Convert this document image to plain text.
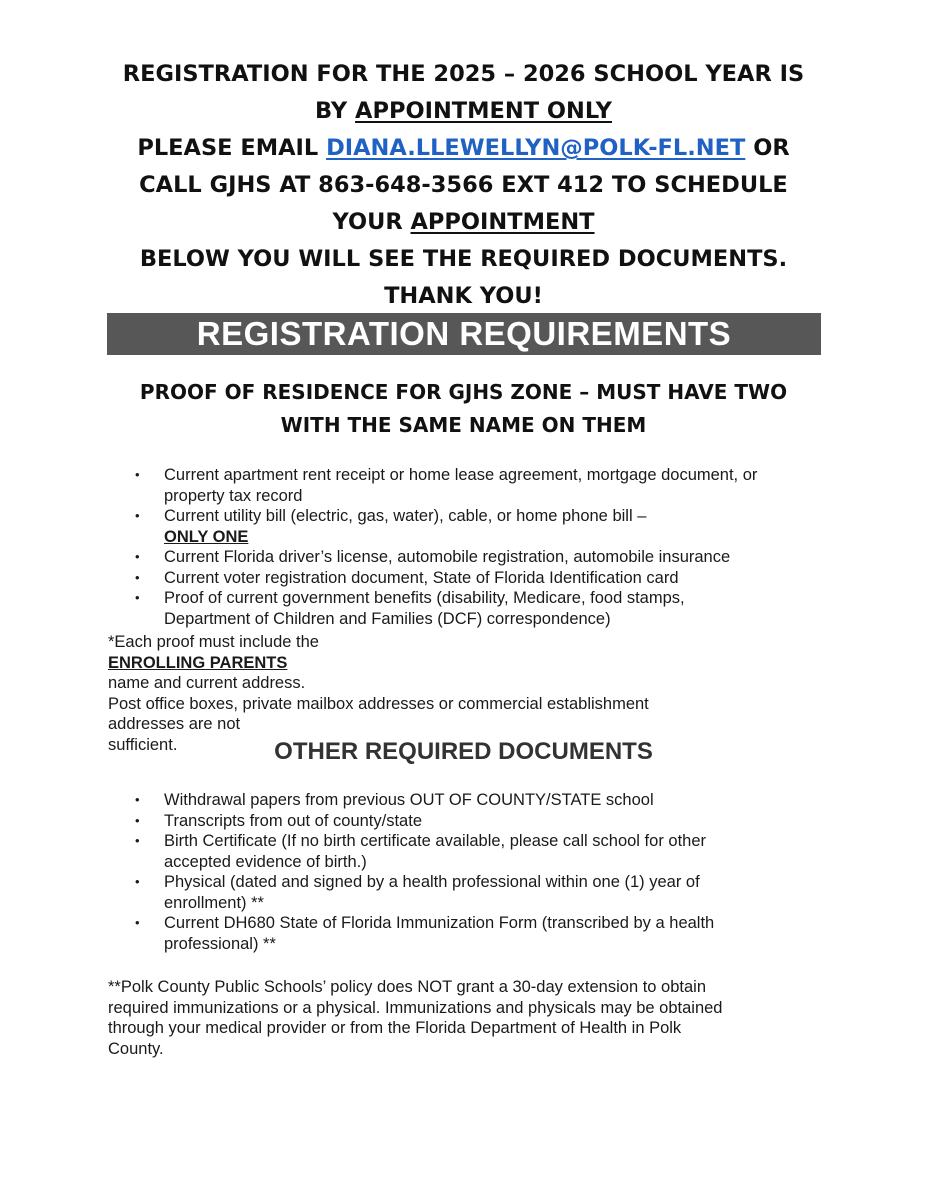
REGISTRATION FOR THE 2025 – 2026 SCHOOL YEAR IS
BY APPOINTMENT ONLY
PLEASE EMAIL DIANA.LLEWELLYN@POLK-FL.NET OR
CALL GJHS AT 863-648-3566 EXT 412 TO SCHEDULE
YOUR APPOINTMENT
BELOW YOU WILL SEE THE REQUIRED DOCUMENTS.
THANK YOU!
REGISTRATION REQUIREMENTS
PROOF OF RESIDENCE FOR GJHS ZONE – MUST HAVE TWO
WITH THE SAME NAME ON THEM
• Current apartment rent receipt or home lease agreement, mortgage document, or
property tax record
• Current utility bill (electric, gas, water), cable, or home phone bill –
ONLY ONE
• Current Florida driver’s license, automobile registration, automobile insurance
• Current voter registration document, State of Florida Identification card
• Proof of current government benefits (disability, Medicare, food stamps,
Department of Children and Families (DCF) correspondence)
*Each proof must include the
ENROLLING PARENTS
name and current address.
Post office boxes, private mailbox addresses or commercial establishment
addresses are not
sufficient.	OTHER REQUIRED DOCUMENTS
• Withdrawal papers from previous OUT OF COUNTY/STATE school
• Transcripts from out of county/state
• Birth Certificate (If no birth certificate available, please call school for other
accepted evidence of birth.)
• Physical (dated and signed by a health professional within one (1) year of
enrollment) **
• Current DH680 State of Florida Immunization Form (transcribed by a health
professional) **
**Polk County Public Schools’ policy does NOT grant a 30-day extension to obtain
required immunizations or a physical. Immunizations and physicals may be obtained
through your medical provider or from the Florida Department of Health in Polk
County.
